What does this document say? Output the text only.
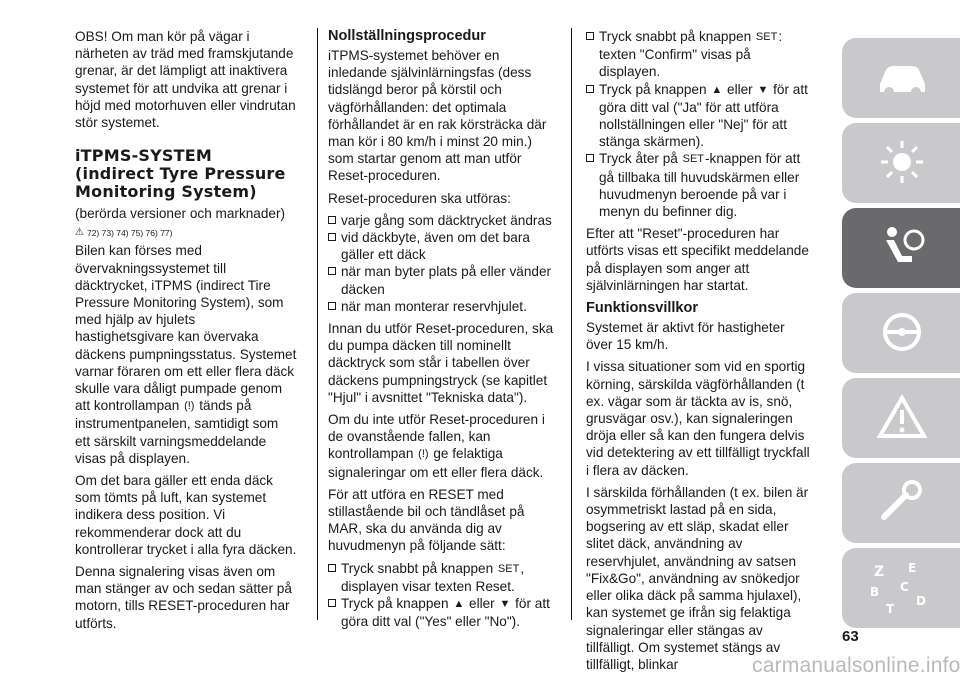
OBS! Om man kör på vägar i närheten av träd med framskjutande grenar, är det lämpligt att inaktivera systemet för att undvika att grenar i höjd med motorhuven eller vindrutan stör systemet.

iTPMS-SYSTEM
(indirect Tyre Pressure
Monitoring System)

(berörda versioner och marknader)

⚠ 72) 73) 74) 75) 76) 77)

Bilen kan förses med övervakningssystemet till däcktrycket, iTPMS (indirect Tire Pressure Monitoring System), som med hjälp av hjulets hastighetsgivare kan övervaka däckens pumpningsstatus. Systemet varnar föraren om ett eller flera däck skulle vara dåligt pumpade genom att kontrollampan (!) tänds på instrumentpanelen, samtidigt som ett särskilt varningsmeddelande visas på displayen.

Om det bara gäller ett enda däck som tömts på luft, kan systemet indikera dess position. Vi rekommenderar dock att du kontrollerar trycket i alla fyra däcken.

Denna signalering visas även om man stänger av och sedan sätter på motorn, tills RESET-proceduren har utförts.

Nollställningsprocedur

iTPMS-systemet behöver en inledande självinlärningsfas (dess tidslängd beror på körstil och vägförhållanden: det optimala förhållandet är en rak körsträcka där man kör i 80 km/h i minst 20 min.) som startar genom att man utför Reset-proceduren.

Reset-proceduren ska utföras:

varje gång som däcktrycket ändras
vid däckbyte, även om det bara gäller ett däck
när man byter plats på eller vänder däcken
när man monterar reservhjulet.

Innan du utför Reset-proceduren, ska du pumpa däcken till nominellt däcktryck som står i tabellen över däckens pumpningstryck (se kapitlet "Hjul" i avsnittet "Tekniska data").

Om du inte utför Reset-proceduren i de ovanstående fallen, kan kontrollampan (!) ge felaktiga signaleringar om ett eller flera däck.

För att utföra en RESET med stillastående bil och tändlåset på MAR, ska du använda dig av huvudmenyn på följande sätt:

Tryck snabbt på knappen SET, displayen visar texten Reset.
Tryck på knappen ▲ eller ▼ för att göra ditt val ("Yes" eller "No").
Tryck snabbt på knappen SET: texten "Confirm" visas på displayen.
Tryck på knappen ▲ eller ▼ för att göra ditt val ("Ja" för att utföra nollställningen eller "Nej" för att stänga skärmen).
Tryck åter på SET-knappen för att gå tillbaka till huvudskärmen eller huvudmenyn beroende på var i menyn du befinner dig.

Efter att "Reset"-proceduren har utförts visas ett specifikt meddelande på displayen som anger att självinlärningen har startat.

Funktionsvillkor

Systemet är aktivt för hastigheter över 15 km/h.

I vissa situationer som vid en sportig körning, särskilda vägförhållanden (t ex. vägar som är täckta av is, snö, grusvägar osv.), kan signaleringen dröja eller så kan den fungera delvis vid detektering av ett tillfälligt tryckfall i flera av däcken.

I särskilda förhållanden (t ex. bilen är osymmetriskt lastad på en sida, bogsering av ett släp, skadat eller slitet däck, användning av reservhjulet, användning av satsen "Fix&Go", användning av snökedjor eller olika däck på samma hjulaxel), kan systemet ge ifrån sig felaktiga signaleringar eller stängas av tillfälligt. Om systemet stängs av tillfälligt, blinkar

Z E
B C
T
D
63
carmanualsonline.info
